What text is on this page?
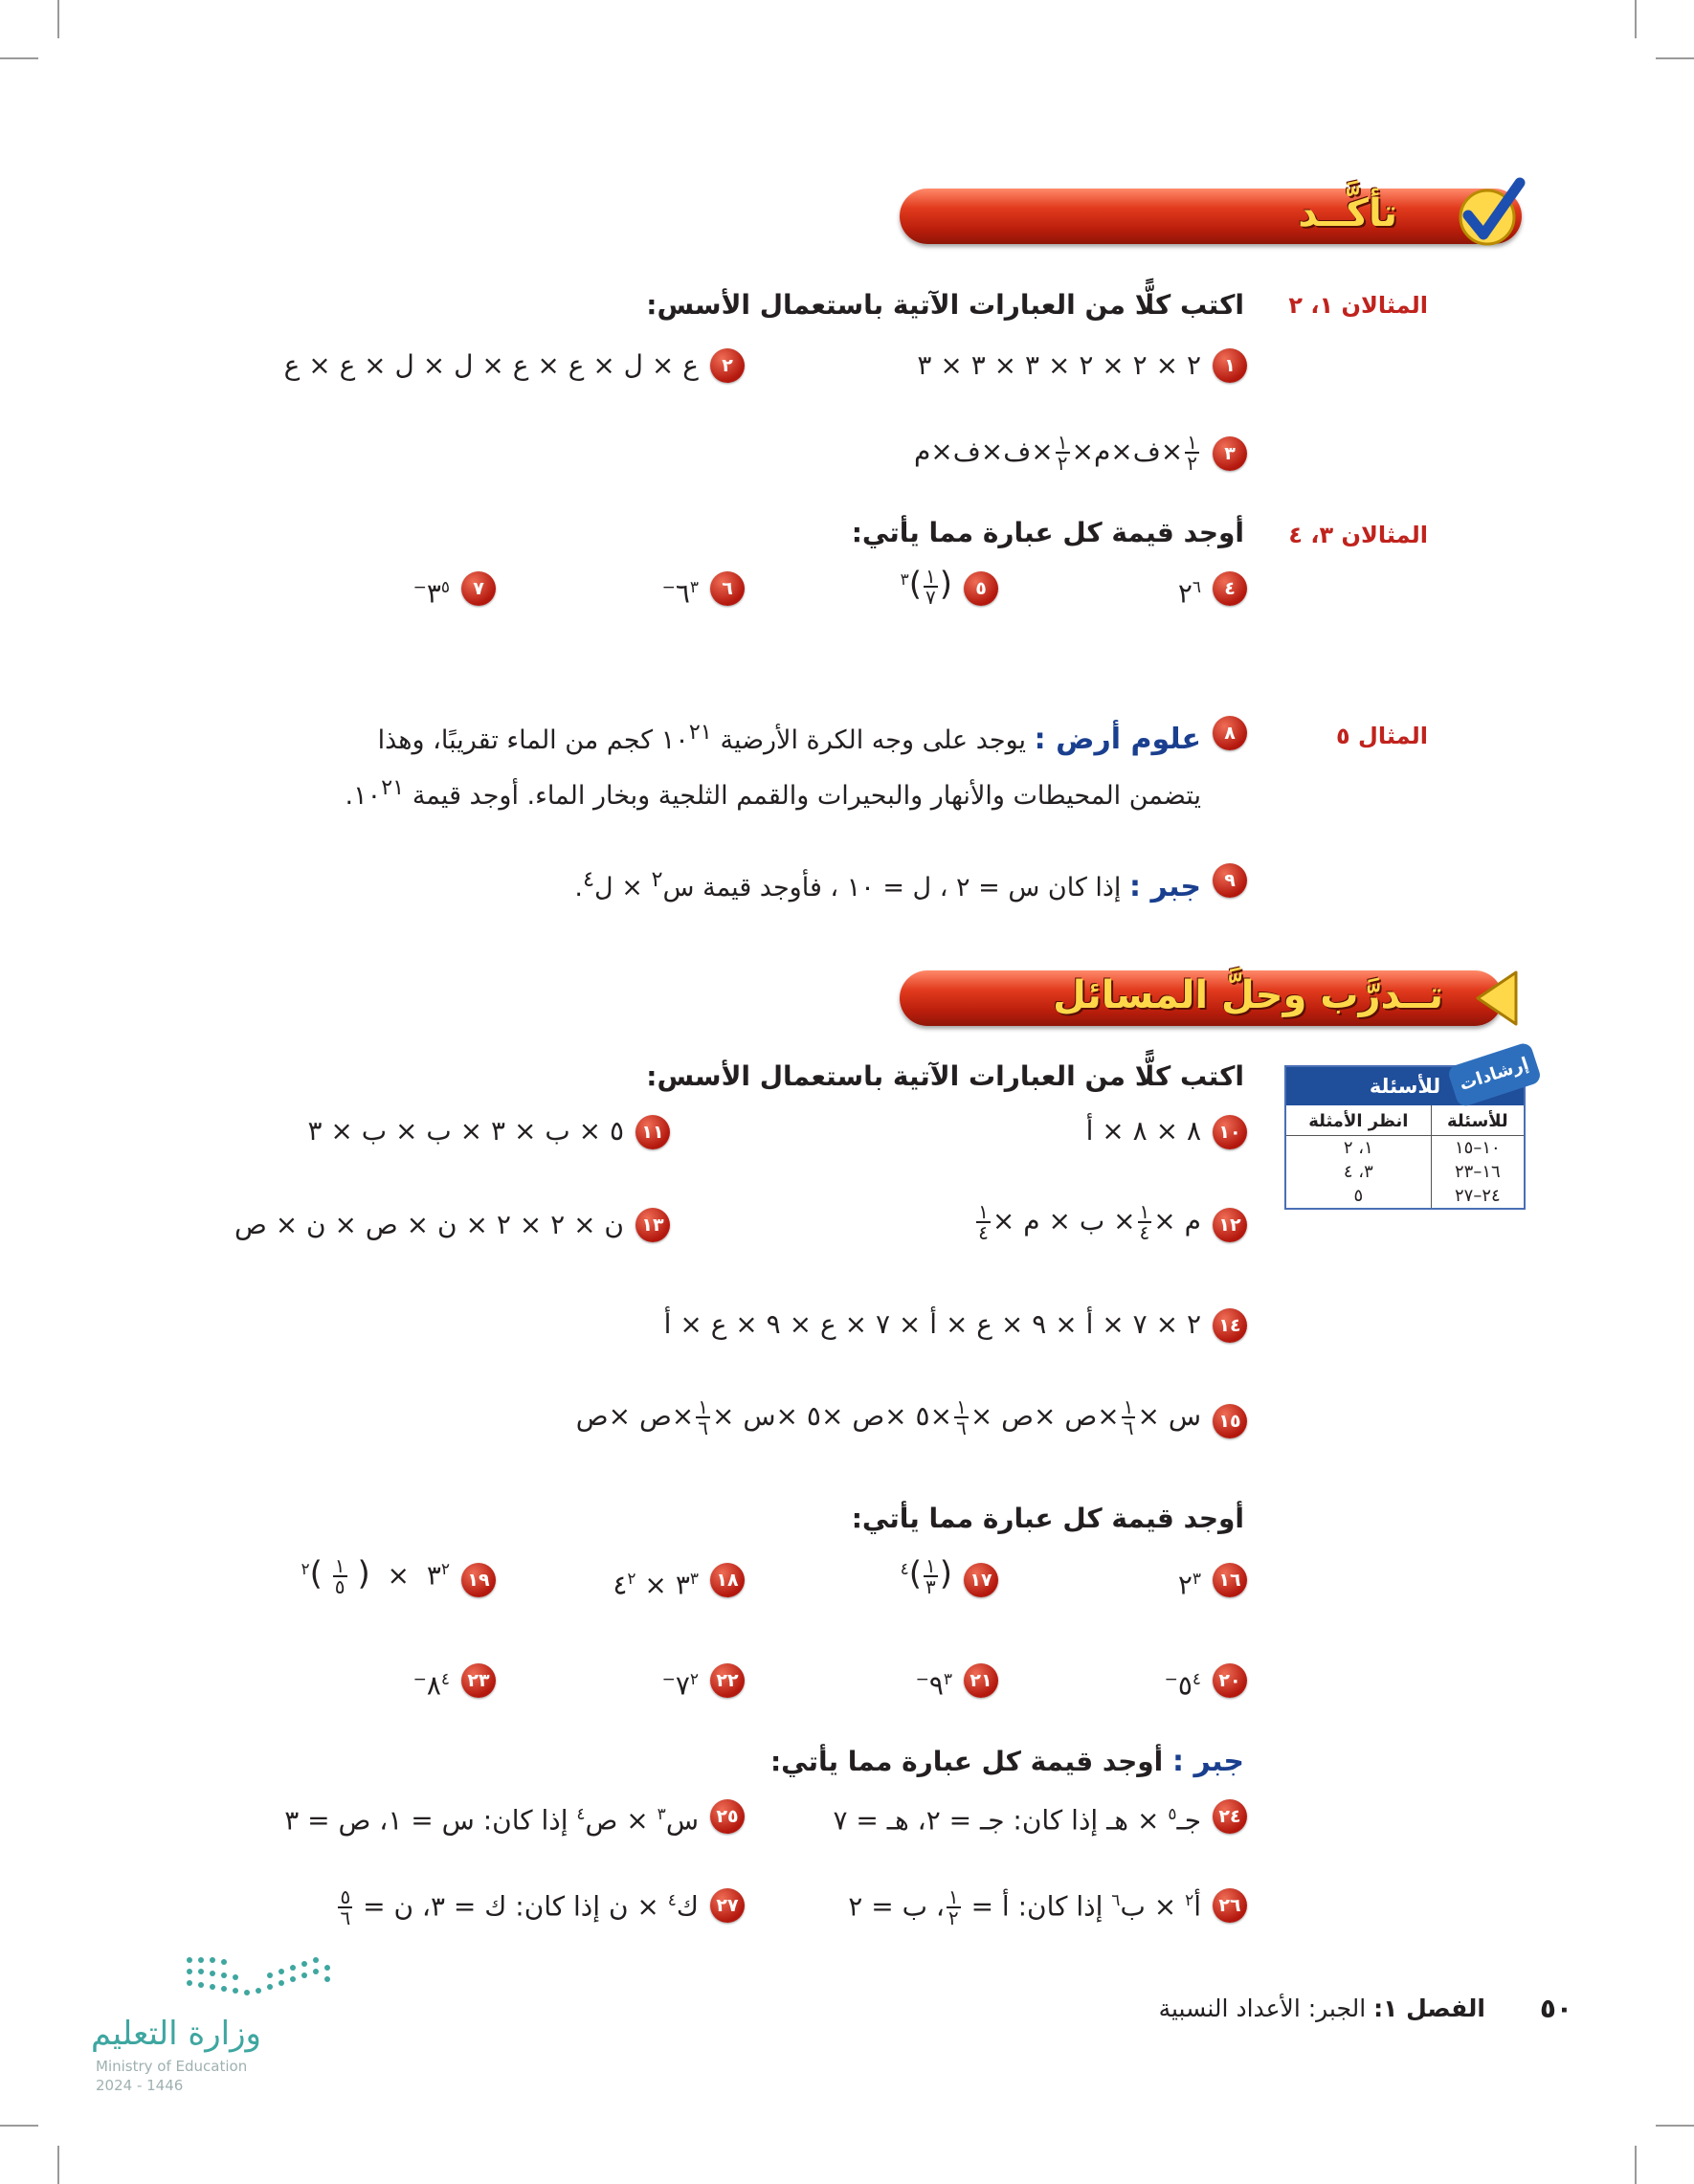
تأكَّــد
المثالان ١، ٢
اكتب كلًّا من العبارات الآتية باستعمال الأسس:
١
٢ × ٢ × ٢ × ٣ × ٣ × ٣
٢
ع × ل × ع × ع × ل × ل × ع × ع
٣
$\frac{١}{٢}$
×ف×م×
$\frac{١}{٢}$
×ف×ف×م
المثالان ٣، ٤
أوجد قيمة كل عبارة مما يأتي:
٤
$٢^٦$
٥
(
$\frac{١}{٧}$
)$^٣$
٦
$٦^{٣-}$
٧
$٣^{٥-}$
المثال ٥
٨
علوم أرض : يوجد على وجه الكرة الأرضية $١٠^{٢١}$ كجم من الماء تقريبًا، وهذا
يتضمن المحيطات والأنهار والبحيرات والقمم الثلجية وبخار الماء. أوجد قيمة $١٠^{٢١}$.
٩
جبر : إذا كان س = ٢ ، ل = ١٠ ، فأوجد قيمة س$^٢$ × ل$^٤$.
تــدرَّب وحلَّ المسائل
للأسئلة إرشادات
للأسئلة	انظر الأمثلة
١٠–١٥	١، ٢
١٦–٢٣	٣، ٤
٢٤–٢٧	٥
اكتب كلًّا من العبارات الآتية باستعمال الأسس:
١٠
٨ × ٨ × أ
١١
٥ × ب × ٣ × ب × ب × ٣
١٢
م ×
$\frac{١}{٤}$
× ب × م ×
$\frac{١}{٤}$
١٣
ن × ٢ × ٢ × ن × ص × ن × ص
١٤
٢ × ٧ × أ × ٩ × ع × أ × ٧ × ع × ٩ × ع × أ
١٥
س ×
$\frac{١}{٦}$
×ص ×ص ×
$\frac{١}{٦}$
×٥ ×ص ×٥ ×س ×
$\frac{١}{٦}$
×ص ×ص
أوجد قيمة كل عبارة مما يأتي:
١٦
$٢^٣$
١٧
(
$\frac{١}{٣}$
)$^٤$
١٨
$٣^٣$ × $٤^٢$
١٩
$٣^٢$  ×  (
$\frac{١}{٥}$
)$^٢$
٢٠
$٥^{٤-}$
٢١
$٩^{٣-}$
٢٢
$٧^{٢-}$
٢٣
$٨^{٤-}$
جبر : أوجد قيمة كل عبارة مما يأتي:
٢٤
جـ$^٥$ × هـ إذا كان: جـ = ٢، هـ = ٧
٢٥
س$^٣$ × ص$^٤$ إذا كان: س = ١، ص = ٣
٢٦
أ$^٢$ × ب$^٦$ إذا كان: أ =
$\frac{١}{٢}$
، ب = ٢
٢٧
ك$^٤$ × ن إذا كان: ك = ٣، ن =
$\frac{٥}{٦}$
٥٠
الفصل ١: الجبر: الأعداد النسبية
وزارة التعليم
Ministry of Education
2024 - 1446
